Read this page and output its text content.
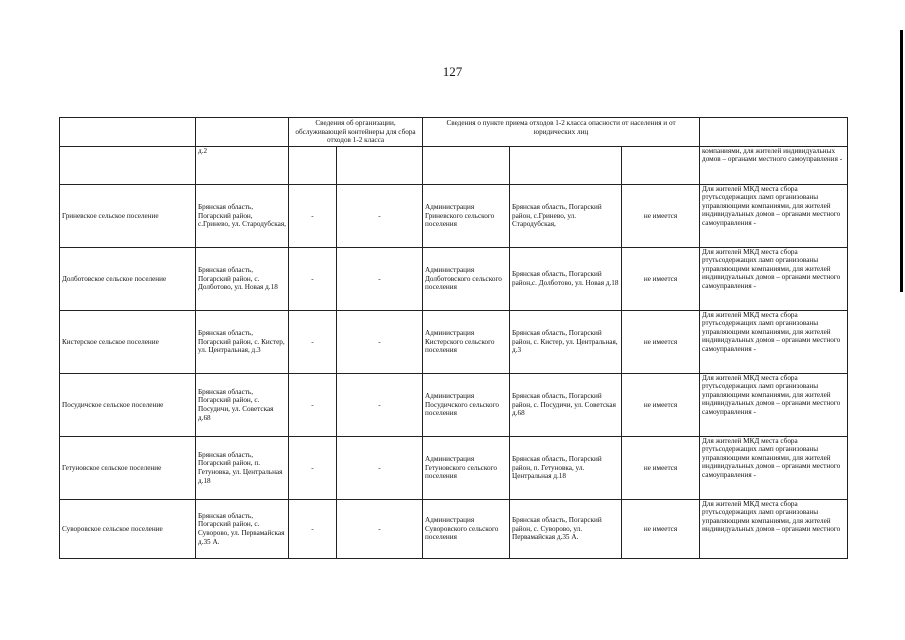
127
		Сведения об организации, обслуживающей контейнеры для сбора отходов 1-2 класса		Сведения о пункте приема отходов 1-2 класса опасности от населения и от юридических лиц			
	д.2						компаниями, для жителей индивидуальных домов – органами местного самоуправления -
Гриневское сельское поселение	Брянская область, Погарский район, с.Гринево, ул. Стародубская,	-	-	Администрация Гриневского сельского поселения	Брянская область, Погарский район, с.Гринево, ул. Стародубская,	не имеется	Для жителей МКД места сбора ртутьсодержащих ламп организованы управляющими компаниями, для жителей индивидуальных домов – органами местного самоуправления -
Долботовское сельское поселение	Брянская область, Погарский район, с. Долботово, ул. Новая д.18	-	-	Администрация Долботовского сельского поселения	Брянская область, Погарский район,с. Долботово, ул. Новая д.18	не имеется	Для жителей МКД места сбора ртутьсодержащих ламп организованы управляющими компаниями, для жителей индивидуальных домов – органами местного самоуправления -
Кистерское сельское поселение	Брянская область, Погарский район, с. Кистер, ул. Центральная, д.3	-	-	Администрация Кистерского сельского поселения	Брянская область, Погарский район, с. Кистер, ул. Центральная, д.3	не имеется	Для жителей МКД места сбора ртутьсодержащих ламп организованы управляющими компаниями, для жителей индивидуальных домов – органами местного самоуправления -
Посудичское сельское поселение	Брянская область, Погарский район, с. Посудичи, ул. Советская д.68	-	-	Администрация Посудичского сельского поселения	Брянская область, Погарский район, с. Посудичи, ул. Советская д.68	не имеется	Для жителей МКД места сбора ртутьсодержащих ламп организованы управляющими компаниями, для жителей индивидуальных домов – органами местного самоуправления -
Гетуновское сельское поселение	Брянская область, Погарский район, п. Гетуновка, ул. Центральная д.18	-	-	Администрация Гетуновского сельского поселения	Брянская область, Погарский район, п. Гетуновка, ул. Центральная д.18	не имеется	Для жителей МКД места сбора ртутьсодержащих ламп организованы управляющими компаниями, для жителей индивидуальных домов – органами местного самоуправления -
Суворовское сельское поселение	Брянская область, Погарский район, с. Суворово, ул. Первамайская д.35 А.	-	-	Администрация Суворовского сельского поселения	Брянская область, Погарский район, с. Суворово, ул. Первамайская д.35 А.	не имеется	Для жителей МКД места сбора ртутьсодержащих ламп организованы управляющими компаниями, для жителей индивидуальных домов – органами местного
